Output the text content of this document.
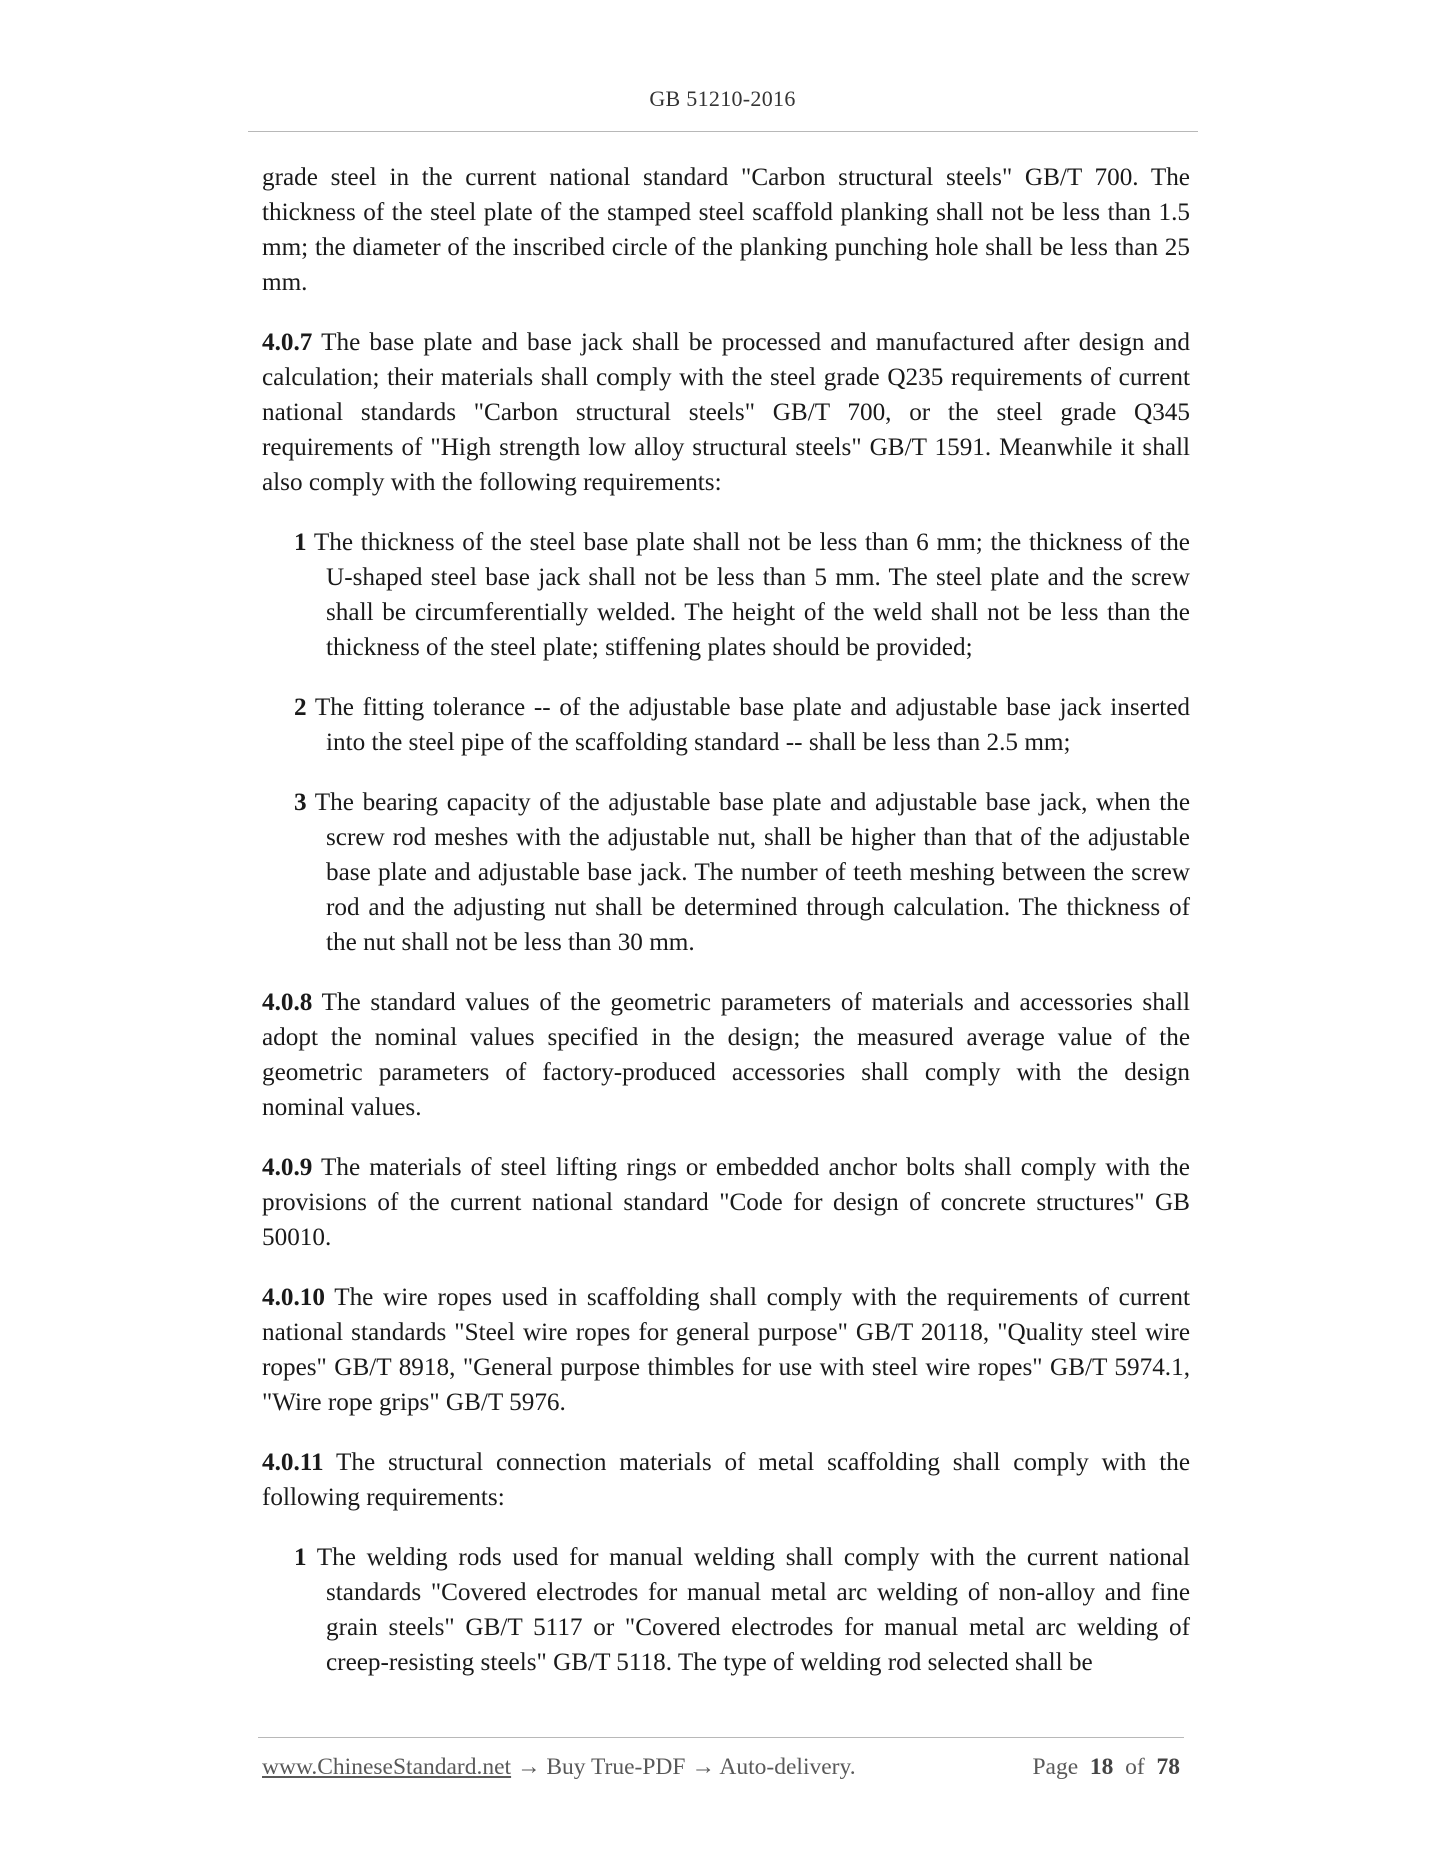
GB 51210-2016

grade steel in the current national standard "Carbon structural steels" GB/T 700. The thickness of the steel plate of the stamped steel scaffold planking shall not be less than 1.5 mm; the diameter of the inscribed circle of the planking punching hole shall be less than 25 mm.

4.0.7 The base plate and base jack shall be processed and manufactured after design and calculation; their materials shall comply with the steel grade Q235 requirements of current national standards "Carbon structural steels" GB/T 700, or the steel grade Q345 requirements of "High strength low alloy structural steels" GB/T 1591. Meanwhile it shall also comply with the following requirements:

1 The thickness of the steel base plate shall not be less than 6 mm; the thickness of the U-shaped steel base jack shall not be less than 5 mm. The steel plate and the screw shall be circumferentially welded. The height of the weld shall not be less than the thickness of the steel plate; stiffening plates should be provided;

2 The fitting tolerance -- of the adjustable base plate and adjustable base jack inserted into the steel pipe of the scaffolding standard -- shall be less than 2.5 mm;

3 The bearing capacity of the adjustable base plate and adjustable base jack, when the screw rod meshes with the adjustable nut, shall be higher than that of the adjustable base plate and adjustable base jack. The number of teeth meshing between the screw rod and the adjusting nut shall be determined through calculation. The thickness of the nut shall not be less than 30 mm.

4.0.8 The standard values of the geometric parameters of materials and accessories shall adopt the nominal values specified in the design; the measured average value of the geometric parameters of factory-produced accessories shall comply with the design nominal values.

4.0.9 The materials of steel lifting rings or embedded anchor bolts shall comply with the provisions of the current national standard "Code for design of concrete structures" GB 50010.

4.0.10 The wire ropes used in scaffolding shall comply with the requirements of current national standards "Steel wire ropes for general purpose" GB/T 20118, "Quality steel wire ropes" GB/T 8918, "General purpose thimbles for use with steel wire ropes" GB/T 5974.1, "Wire rope grips" GB/T 5976.

4.0.11 The structural connection materials of metal scaffolding shall comply with the following requirements:

1 The welding rods used for manual welding shall comply with the current national standards "Covered electrodes for manual metal arc welding of non-alloy and fine grain steels" GB/T 5117 or "Covered electrodes for manual metal arc welding of creep-resisting steels" GB/T 5118. The type of welding rod selected shall be

www.ChineseStandard.net → Buy True-PDF → Auto-delivery.	Page 18 of 78
